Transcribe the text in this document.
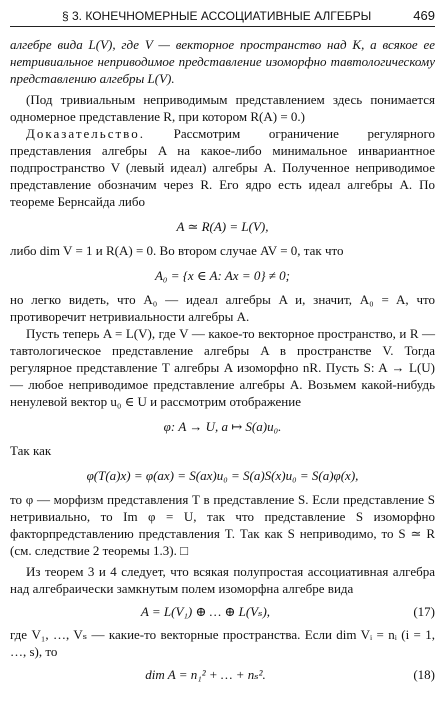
§ 3. КОНЕЧНОМЕРНЫЕ АССОЦИАТИВНЫЕ АЛГЕБРЫ	469

алгебре вида L(V), где V — векторное пространство над K, а всякое ее нетривиальное неприводимое представление изоморфно тавтологическому представлению алгебры L(V).

(Под тривиальным неприводимым представлением здесь понимается одномерное представление R, при котором R(A) = 0.)

Доказательство. Рассмотрим ограничение регулярного представления алгебры A на какое-либо минимальное инвариантное подпространство V (левый идеал) алгебры A. Полученное неприводимое представление обозначим через R. Его ядро есть идеал алгебры A. По теореме Бернсайда либо

A ≃ R(A) = L(V),

либо dim V = 1 и R(A) = 0. Во втором случае AV = 0, так что

A₀ = {x ∈ A: Ax = 0} ≠ 0;

но легко видеть, что A₀ — идеал алгебры A и, значит, A₀ = A, что противоречит нетривиальности алгебры A.

Пусть теперь A = L(V), где V — какое-то векторное пространство, и R — тавтологическое представление алгебры A в пространстве V. Тогда регулярное представление T алгебры A изоморфно nR. Пусть S: A → L(U) — любое неприводимое представление алгебры A. Возьмем какой-нибудь ненулевой вектор u₀ ∈ U и рассмотрим отображение

φ: A → U, a ↦ S(a)u₀.

Так как

φ(T(a)x) = φ(ax) = S(ax)u₀ = S(a)S(x)u₀ = S(a)φ(x),

то φ — морфизм представления T в представление S. Если представление S нетривиально, то Im φ = U, так что представление S изоморфно факторпредставлению представления T. Так как S неприводимо, то S ≃ R (см. следствие 2 теоремы 1.3). □

Из теорем 3 и 4 следует, что всякая полупростая ассоциативная алгебра над алгебраически замкнутым полем изоморфна алгебре вида

A = L(V₁) ⊕ … ⊕ L(Vₛ),	(17)

где V₁, …, Vₛ — какие-то векторные пространства. Если dim Vᵢ = nᵢ (i = 1, …, s), то

dim A = n₁² + … + nₛ².	(18)
